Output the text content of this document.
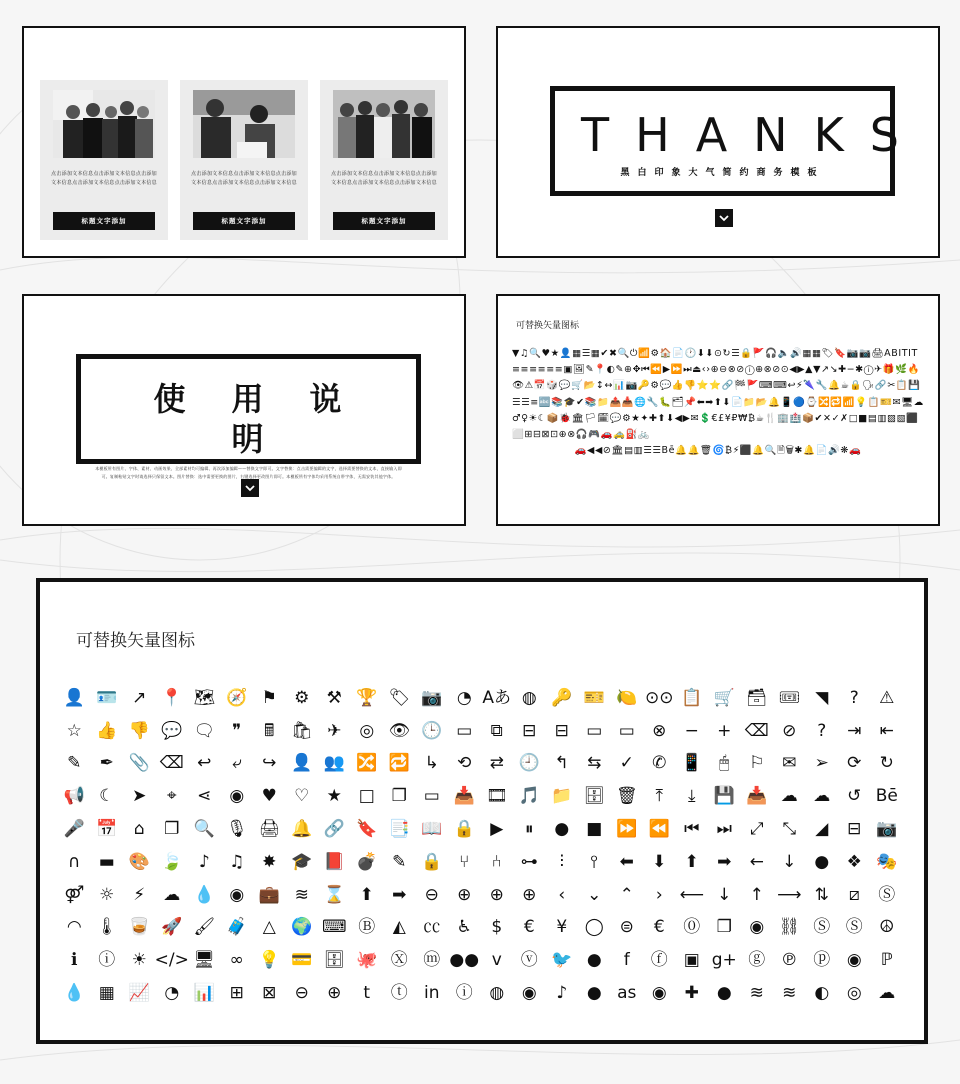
点击添加文本信息点击添加文本信息点击添加文本信息点击添加文本信息点击添加文本信息
标题文字添加
点击添加文本信息点击添加文本信息点击添加文本信息点击添加文本信息点击添加文本信息
标题文字添加
点击添加文本信息点击添加文本信息点击添加文本信息点击添加文本信息点击添加文本信息
标题文字添加
THANKS
黑白印象大气简约商务模板
使用说明
本模板所有图片、字体、素材、动画效果、全部素材均可编辑、再次添加编辑——替换文字即可。文字替换：点击需要编辑的文字，选择需要替换的文本，直接输入即可。复制粘贴文字时请选择只保留文本。图片替换：选中需要更换的图片，右键选择更改图片即可。本模板所有字体均采用系统自带字体，无需安装其他字体。
可替换矢量图标
▼♫🔍♥★👤▦☰▦✔✖🔍⏻📶⚙🏠📄🕐⬇⬇⊙↻☰🔒🚩🎧🔈🔊▦▦🏷🔖📷📷🖨ABITIT≡≡≡≡≡≡▣🖼✎📍◐✎⊕✥⏮⏪▶⏩⏭⏏‹›⊕⊖⊗⊘ⓘ⊕⊗⊘⊙◀▶▲▼↗↘✚−✱ⓘ✈🎁🌿🔥👁⚠📅🎲💬🛒📂↕↔📊📷🔑⚙💬👍👎⭐⭐🔗🏁🚩⌨⌨↩⚡🌂🔧🔔☕🔒🗣🔗✂📋💾☰☰≡🔤📚🎓✔📚📁📤📥🌐🔧🐛🗂📌⬅➡⬆⬇📄📁📂🔔📱🔵⌚🔀🔁📶💡📋🎫✉🖥☁♂♀☀☾📦🐞🏛🏳🗓💬⚙★✦✚⬆⬇◀▶✉💲€£¥₽₩₿☕🍴🏢🏥📦✔✕✓✗□■▤▥▨▧⬛⬜⊞⊟⊠⊡⊕⊗🎧🎮🚗🚕⛽🚲
🚗◀◀⊘🏛▤▥☰☰Bē🔔🔔🗑🌀₿⚡⬛🔔🔍🗎🗑✱🔔📄🔊❋🚗
可替换矢量图标
👤 🪪 ↗ 📍 🗺 🧭 ⚑	⚙	⚒ 🏆 🏷 📷 ◔ Aあ ◍ 🔑 🎫 🍋 ⊙⊙ 📋 🛒 🗃 🎟 ◥	?	⚠
☆ 👍 👎 💬 🗨	❞	🖩 🛍 ✈	◎ 👁 🕒 ▭	⧉	⊟	⊟	▭ ▭	⊗	−	+ ⌫ ⊘	?	⇥	⇤
✎	✒ 📎 ⌫ ↩	⤶	↪ 👤 👥 🔀 🔁 ↳	⟲	⇄ 🕘 ↰	⇆	✓	✆ 📱 🖱	⚐	✉	➢	⟳	↻
📢 ☾	➤	⌖	⋖	◉	♥	♡	★ □ ❐ ▭ 📥 🎞 🎵 📁 🗄 🗑	⤒	⤓	💾 📥 ☁ ☁ ↺ Bē
🎤 📅 ⌂	❐ 🔍 🎙 🖨 🔔 🔗 🔖 📑 📖 🔒 ▶	⏸	●	■ ⏩ ⏪ ⏮	⏭	⤢	⤡	◢	⊟ 📷
∩	▬ 🎨 🍃 ♪	♫	✸ 🎓 📕 💣 ✎ 🔒 ⑂	⑃	⊶	⫶	⫯	⬅	⬇	⬆	➡	←	↓	●	❖ 🎭
⚤ ☼	⚡	☁ 💧 ◉ 💼 ≋ ⌛ ⬆	➡	⊖	⊕	⊕	⊕	‹	⌄	⌃	› ⟵ ↓	↑ ⟶ ⇅	⧄	Ⓢ
◠ 🌡 🥃 🚀 🖌 🧳 △ 🌍 ⌨ Ⓑ	◭	㏄ ♿	$	€	¥	◯ ⊜	€	⓪ ❐	◉ ⛓ Ⓢ Ⓢ ☮
ℹ	ⓘ ☀ </> 🖥 ∞ 💡 💳 🗄 🐙 Ⓧ ⓜ ●● v	ⓥ 🐦 ●	f	ⓕ ▣ g+ ⓖ ℗ ⓟ ◉	ℙ
💧 ▦ 📈 ◔ 📊 ⊞	⊠	⊖	⊕	t	ⓣ in ⓘ ◍	◉	♪	● as ◉	✚	●	≋	≋	◐	◎ ☁
